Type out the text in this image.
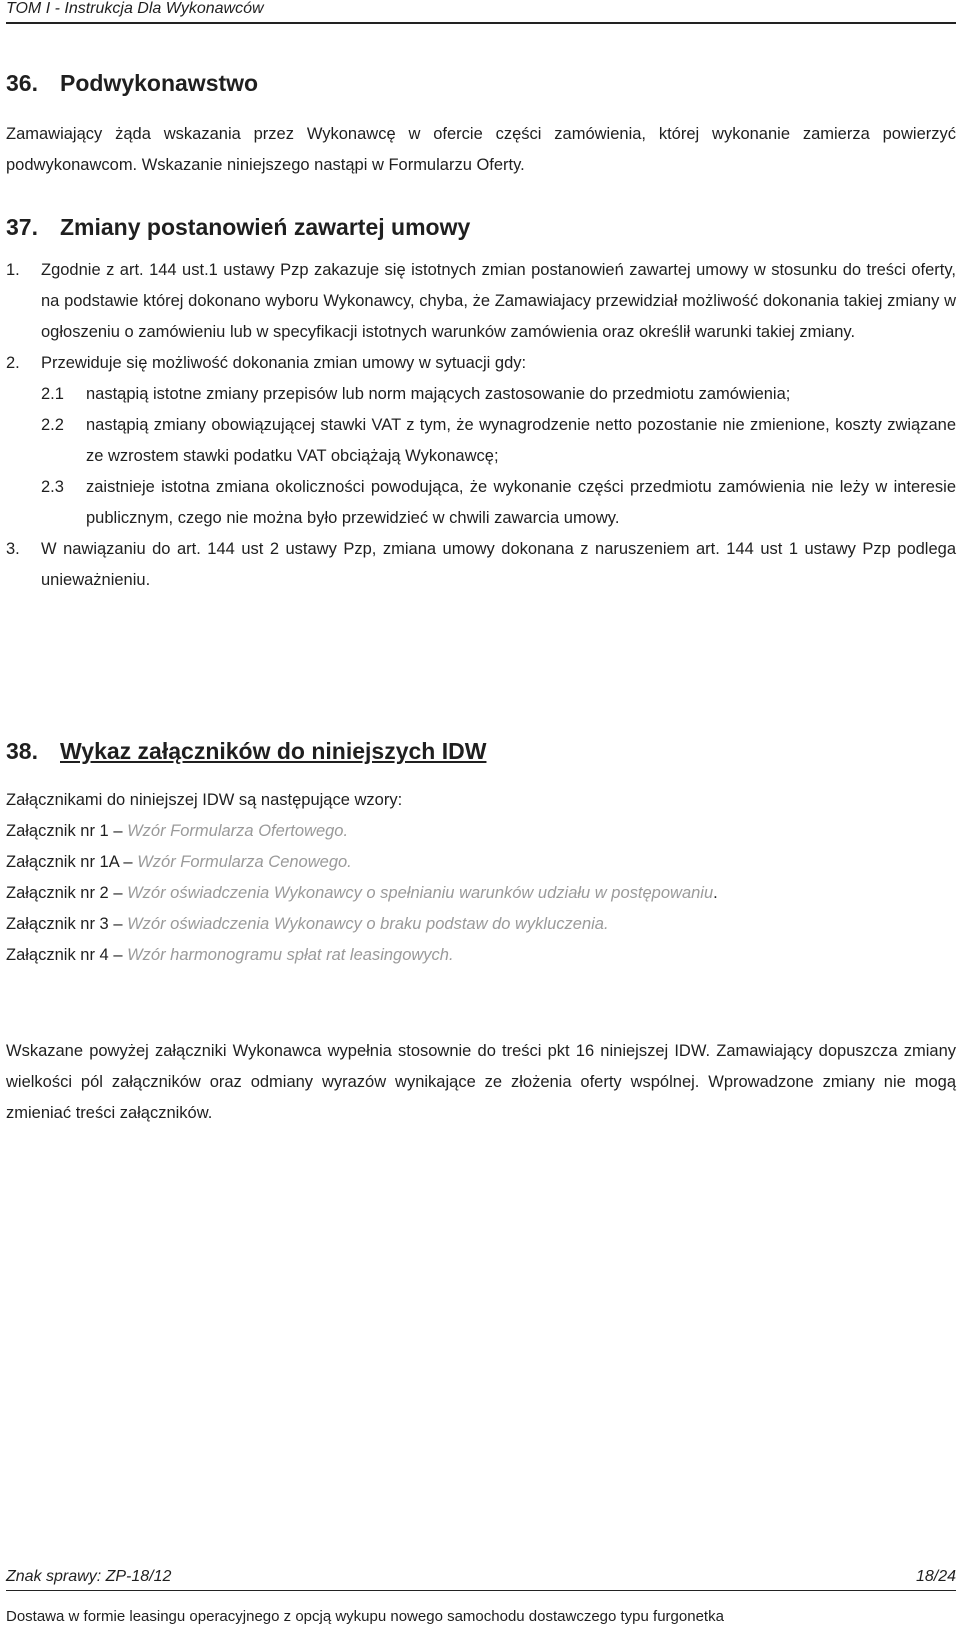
TOM I - Instrukcja Dla Wykonawców
36. Podwykonawstwo

Zamawiający żąda wskazania przez Wykonawcę w ofercie części zamówienia, której wykonanie zamierza powierzyć podwykonawcom. Wskazanie niniejszego nastąpi w Formularzu Oferty.

37. Zmiany postanowień zawartej umowy
1. Zgodnie z art. 144 ust.1 ustawy Pzp zakazuje się istotnych zmian postanowień zawartej umowy w stosunku do treści oferty, na podstawie której dokonano wyboru Wykonawcy, chyba, że Zamawiajacy przewidział możliwość dokonania takiej zmiany w ogłoszeniu o zamówieniu lub w specyfikacji istotnych warunków zamówienia oraz określił warunki takiej zmiany.
2. Przewiduje się możliwość dokonania zmian umowy w sytuacji gdy:
2.1 nastąpią istotne zmiany przepisów lub norm mających zastosowanie do przedmiotu zamówienia;
2.2 nastąpią zmiany obowiązującej stawki VAT z tym, że wynagrodzenie netto pozostanie nie zmienione, koszty związane ze wzrostem stawki podatku VAT obciążają Wykonawcę;
2.3 zaistnieje istotna zmiana okoliczności powodująca, że wykonanie części przedmiotu zamówienia nie leży w interesie publicznym, czego nie można było przewidzieć w chwili zawarcia umowy.
3. W nawiązaniu do art. 144 ust 2 ustawy Pzp, zmiana umowy dokonana z naruszeniem art. 144 ust 1 ustawy Pzp podlega unieważnieniu.
38. Wykaz załączników do niniejszych IDW
Załącznikami do niniejszej IDW są następujące wzory:
Załącznik nr 1 – Wzór Formularza Ofertowego.
Załącznik nr 1A – Wzór Formularza Cenowego.
Załącznik nr 2 – Wzór oświadczenia Wykonawcy o spełnianiu warunków udziału w postępowaniu.
Załącznik nr 3 – Wzór oświadczenia Wykonawcy o braku podstaw do wykluczenia.
Załącznik nr 4 – Wzór harmonogramu spłat rat leasingowych.

Wskazane powyżej załączniki Wykonawca wypełnia stosownie do treści pkt 16 niniejszej IDW. Zamawiający dopuszcza zmiany wielkości pól załączników oraz odmiany wyrazów wynikające ze złożenia oferty wspólnej. Wprowadzone zmiany nie mogą zmieniać treści załączników.

Znak sprawy: ZP-18/12	18/24
Dostawa w formie leasingu operacyjnego z opcją wykupu nowego samochodu dostawczego typu furgonetka
